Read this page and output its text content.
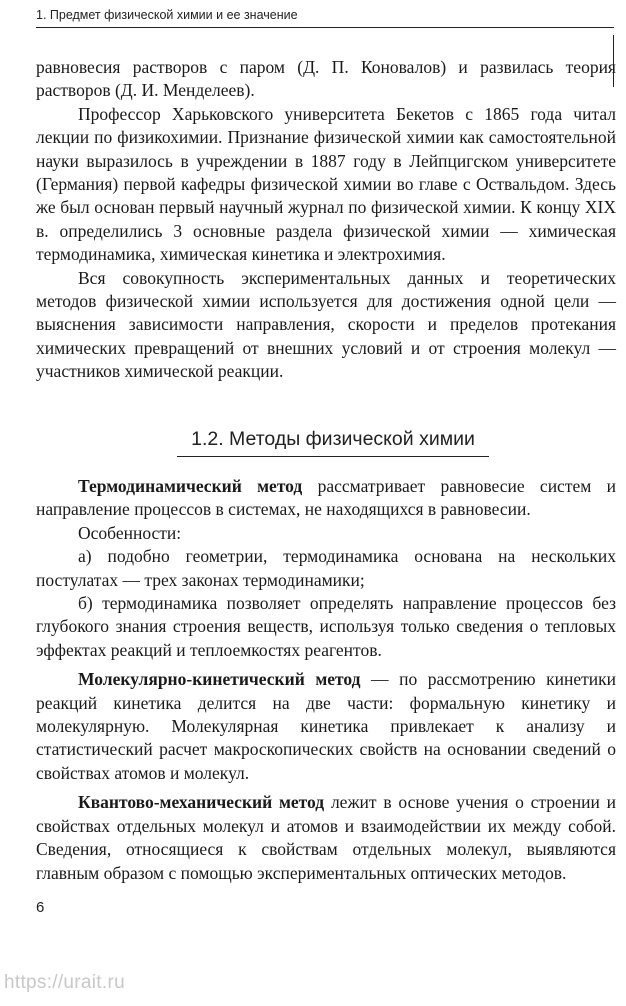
1. Предмет физической химии и ее значение

равновесия растворов с паром (Д. П. Коновалов) и развилась теория растворов (Д. И. Менделеев).

Профессор Харьковского университета Бекетов с 1865 года читал лекции по физикохимии. Признание физической химии как самостоятельной науки выразилось в учреждении в 1887 году в Лейпцигском университете (Германия) первой кафедры физической химии во главе с Оствальдом. Здесь же был основан первый научный журнал по физической химии. К концу XIX в. определились 3 основные раздела физической химии — химическая термодинамика, химическая кинетика и электрохимия.

Вся совокупность экспериментальных данных и теоретических методов физической химии используется для достижения одной цели — выяснения зависимости направления, скорости и пределов протекания химических превращений от внешних условий и от строения молекул — участников химической реакции.

1.2. Методы физической химии

Термодинамический метод рассматривает равновесие систем и направление процессов в системах, не находящихся в равновесии.

Особенности:

а) подобно геометрии, термодинамика основана на нескольких постулатах — трех законах термодинамики;

б) термодинамика позволяет определять направление процессов без глубокого знания строения веществ, используя только сведения о тепловых эффектах реакций и теплоемкостях реагентов.

Молекулярно-кинетический метод — по рассмотрению кинетики реакций кинетика делится на две части: формальную кинетику и молекулярную. Молекулярная кинетика привлекает к анализу и статистический расчет макроскопических свойств на основании сведений о свойствах атомов и молекул.

Квантово-механический метод лежит в основе учения о строении и свойствах отдельных молекул и атомов и взаимодействии их между собой. Сведения, относящиеся к свойствам отдельных молекул, выявляются главным образом с помощью экспериментальных оптических методов.

6
https://urait.ru
